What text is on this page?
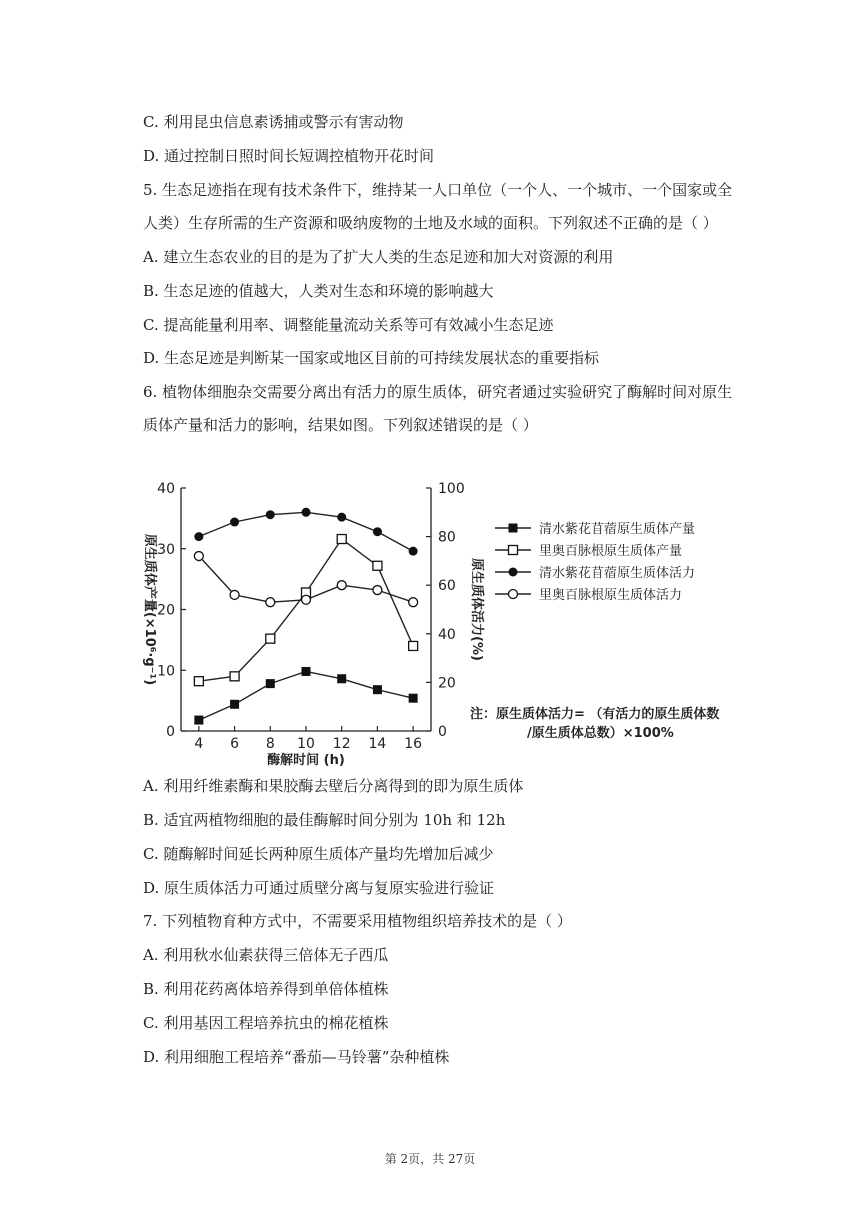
C. 利用昆虫信息素诱捕或警示有害动物
D. 通过控制日照时间长短调控植物开花时间
5. 生态足迹指在现有技术条件下，维持某一人口单位（一个人、一个城市、一个国家或全
人类）生存所需的生产资源和吸纳废物的土地及水域的面积。下列叙述不正确的是（ ）
A. 建立生态农业的目的是为了扩大人类的生态足迹和加大对资源的利用
B. 生态足迹的值越大，人类对生态和环境的影响越大
C. 提高能量利用率、调整能量流动关系等可有效减小生态足迹
D. 生态足迹是判断某一国家或地区目前的可持续发展状态的重要指标
6. 植物体细胞杂交需要分离出有活力的原生质体，研究者通过实验研究了酶解时间对原生
质体产量和活力的影响，结果如图。下列叙述错误的是（ ）
A. 利用纤维素酶和果胶酶去壁后分离得到的即为原生质体
B. 适宜两植物细胞的最佳酶解时间分别为 10h 和 12h
C. 随酶解时间延长两种原生质体产量均先增加后减少
D. 原生质体活力可通过质壁分离与复原实验进行验证
7. 下列植物育种方式中，不需要采用植物组织培养技术的是（ ）
A. 利用秋水仙素获得三倍体无子西瓜
B. 利用花药离体培养得到单倍体植株
C. 利用基因工程培养抗虫的棉花植株
D. 利用细胞工程培养“番茄—马铃薯”杂种植株
0
10
20
30
40
0
20
40
60
80
100
4 6 8 10 12 14 16
酶解时间 (h)
原生质体产量(×10⁶·g⁻¹)	原生质体活力(%)
清水紫花苜蓿原生质体产量
里奥百脉根原生质体产量
清水紫花苜蓿原生质体活力
里奥百脉根原生质体活力
注：原生质体活力= （有活力的原生质体数
/原生质体总数）×100%
第 2页，共 27页
